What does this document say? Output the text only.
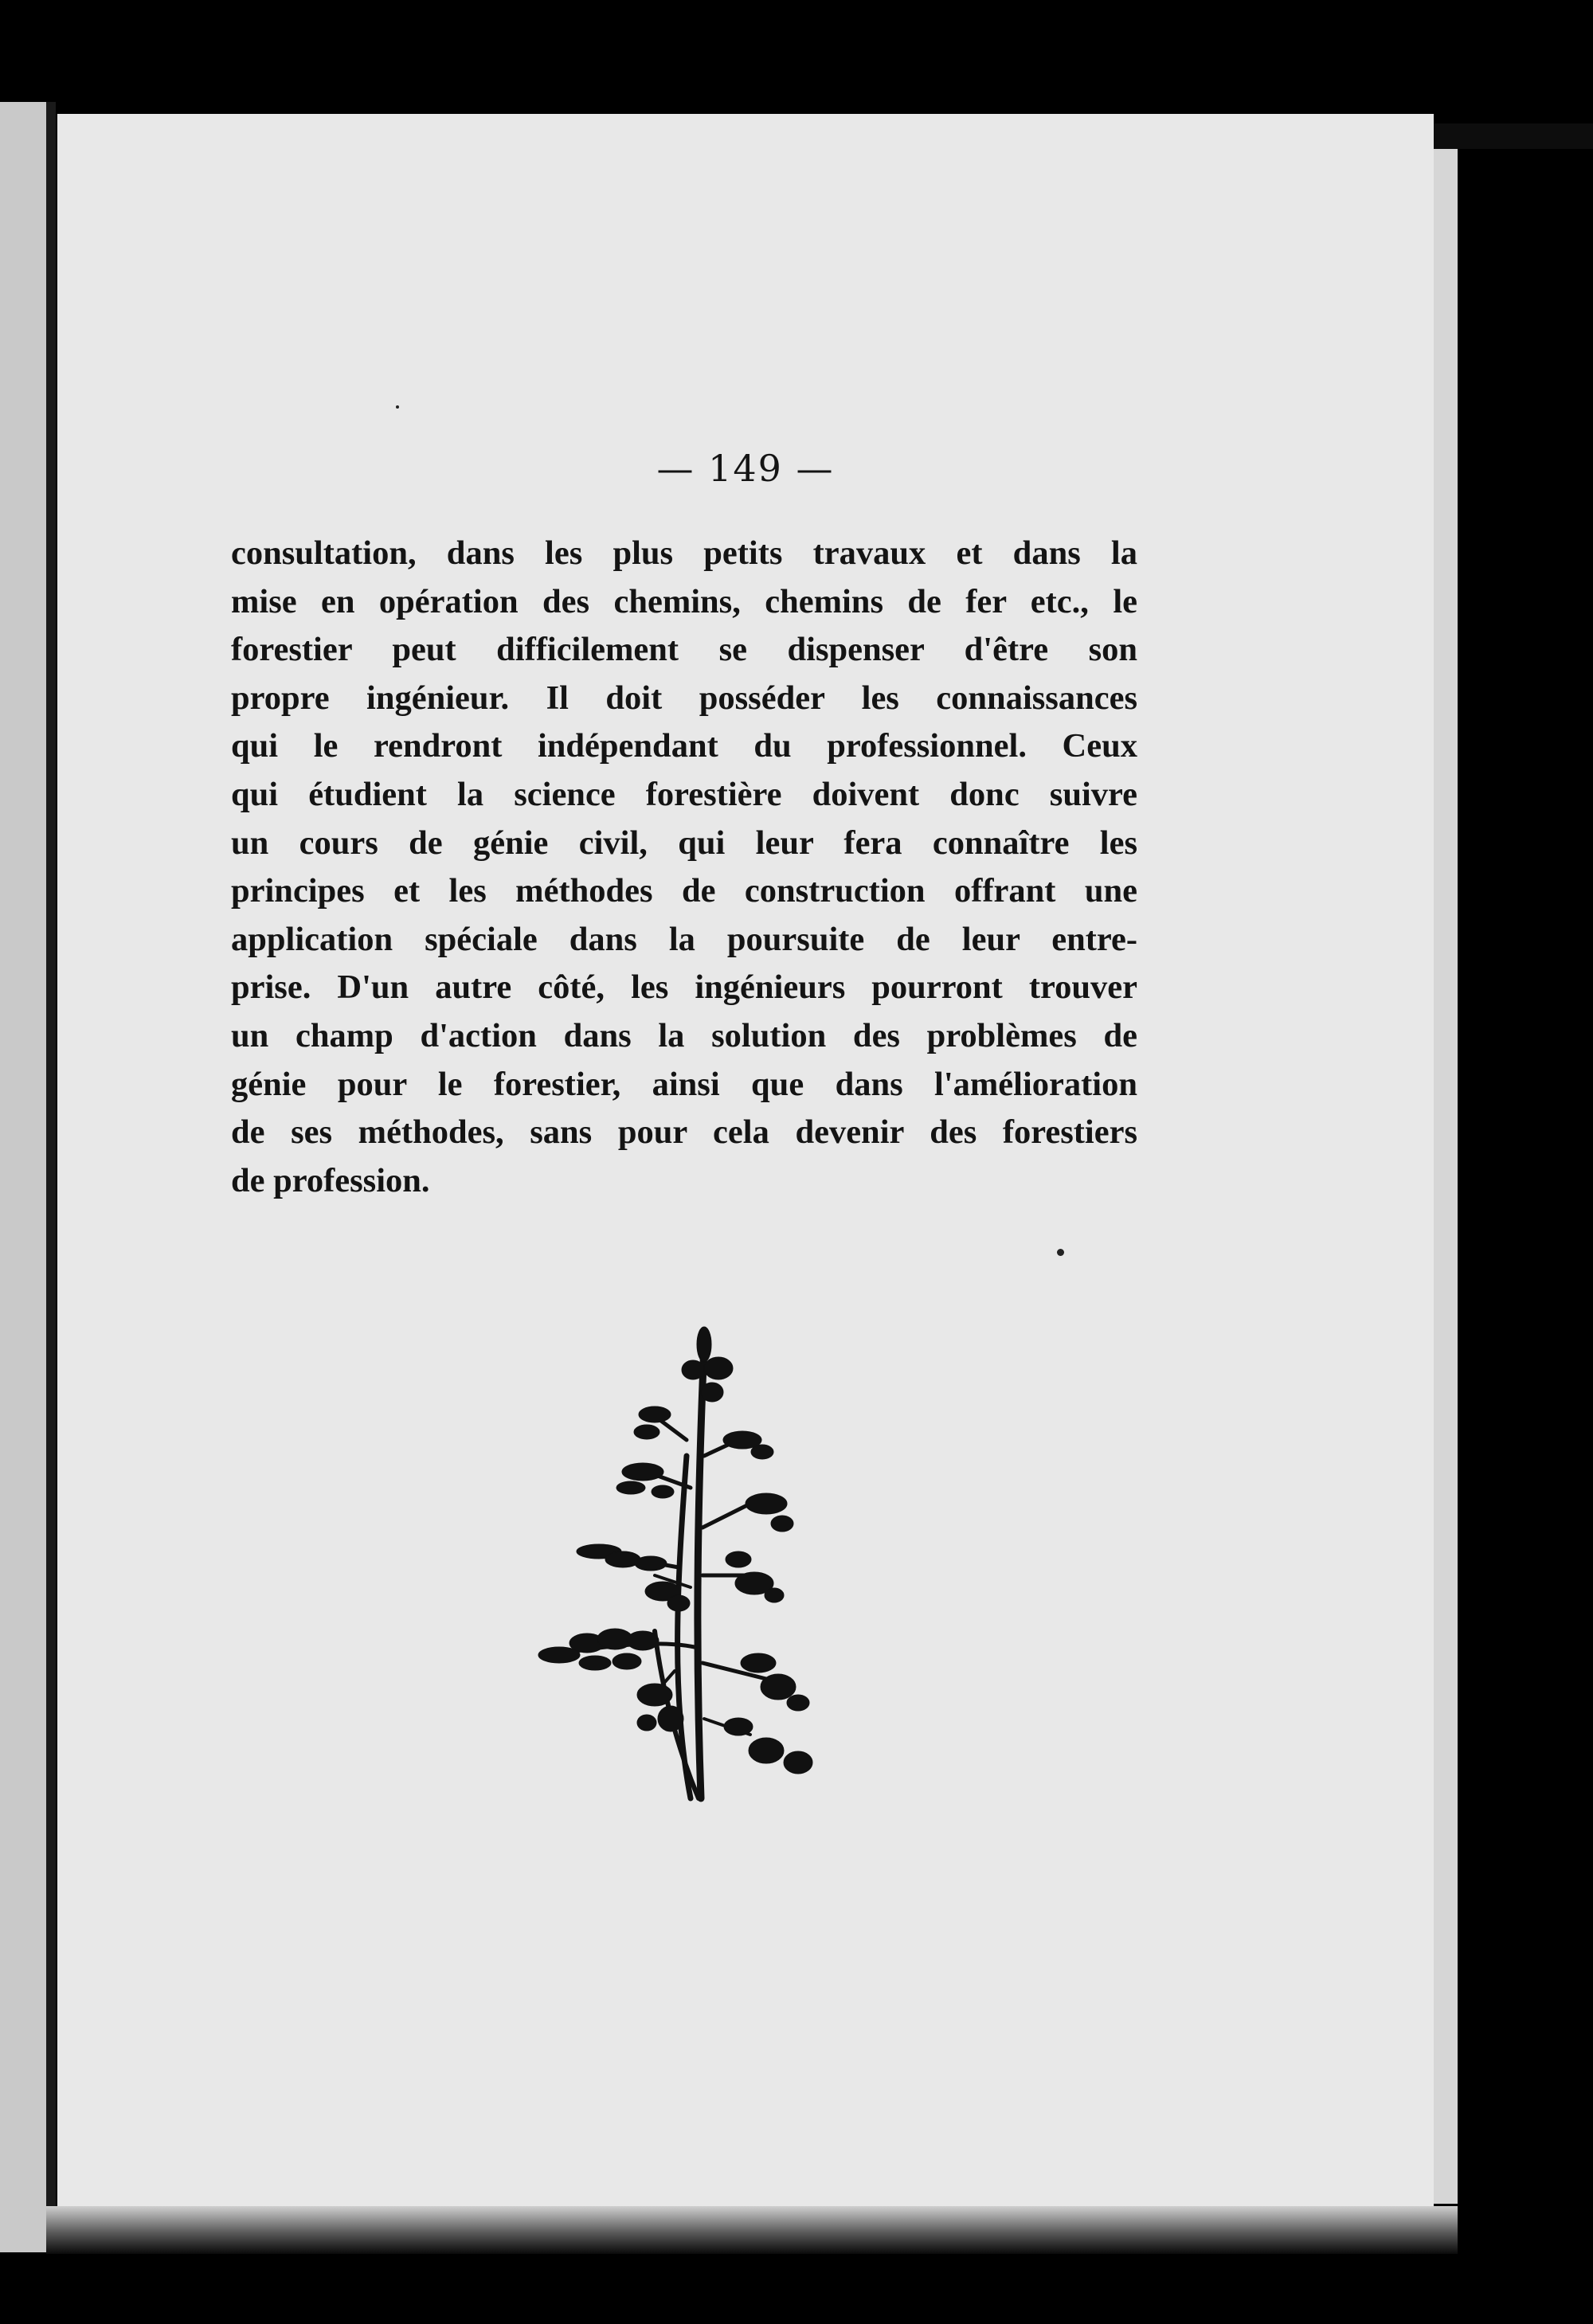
— 149 —
consultation, dans les plus petits travaux et dans la
mise en opération des chemins, chemins de fer etc., le
forestier peut difficilement se dispenser d'être son
propre ingénieur. Il doit posséder les connaissances
qui le rendront indépendant du professionnel. Ceux
qui étudient la science forestière doivent donc suivre
un cours de génie civil, qui leur fera connaître les
principes et les méthodes de construction offrant une
application spéciale dans la poursuite de leur entre-
prise. D'un autre côté, les ingénieurs pourront trouver
un champ d'action dans la solution des problèmes de
génie pour le forestier, ainsi que dans l'amélioration
de ses méthodes, sans pour cela devenir des forestiers
de profession.
